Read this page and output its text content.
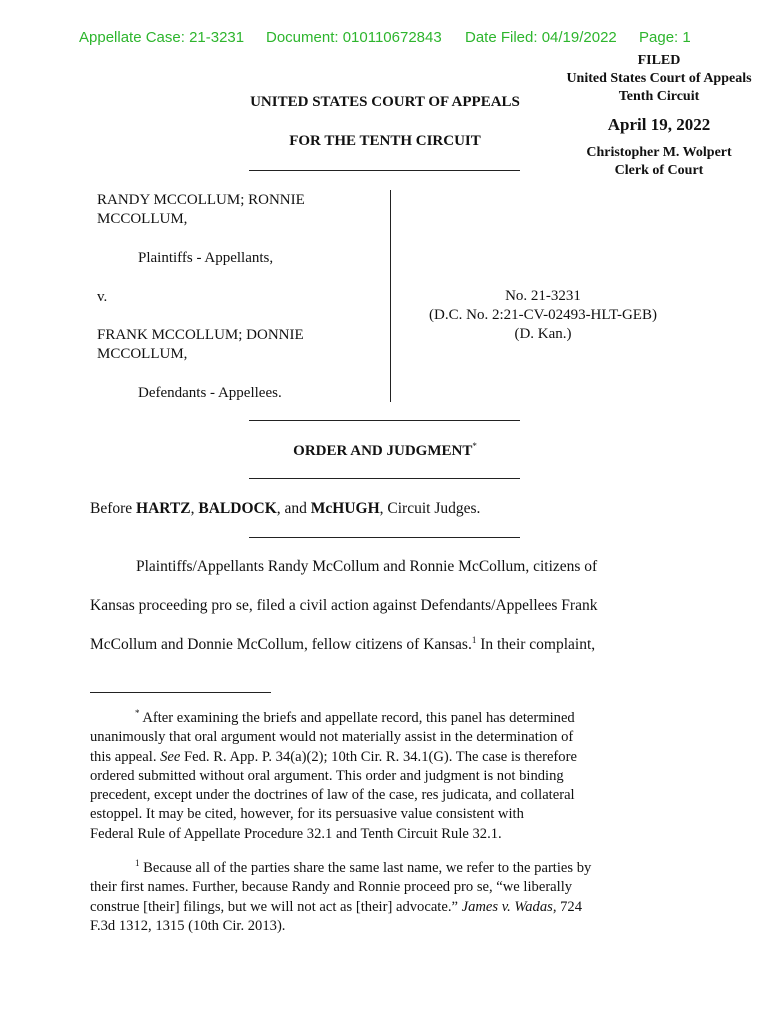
Appellate Case: 21-3231 Document: 010110672843 Date Filed: 04/19/2022 Page: 1
FILED
United States Court of Appeals
Tenth Circuit
April 19, 2022
Christopher M. Wolpert
Clerk of Court
UNITED STATES COURT OF APPEALS
FOR THE TENTH CIRCUIT
RANDY MCCOLLUM; RONNIE
MCCOLLUM,
Plaintiffs - Appellants,
v.
FRANK MCCOLLUM; DONNIE
MCCOLLUM,
Defendants - Appellees.
No. 21-3231
(D.C. No. 2:21-CV-02493-HLT-GEB)
(D. Kan.)
ORDER AND JUDGMENT*
Before HARTZ, BALDOCK, and McHUGH, Circuit Judges.
Plaintiffs/Appellants Randy McCollum and Ronnie McCollum, citizens of
Kansas proceeding pro se, filed a civil action against Defendants/Appellees Frank
McCollum and Donnie McCollum, fellow citizens of Kansas.$^1$ In their complaint,
* After examining the briefs and appellate record, this panel has determined
unanimously that oral argument would not materially assist in the determination of
this appeal. See Fed. R. App. P. 34(a)(2); 10th Cir. R. 34.1(G). The case is therefore
ordered submitted without oral argument. This order and judgment is not binding
precedent, except under the doctrines of law of the case, res judicata, and collateral
estoppel. It may be cited, however, for its persuasive value consistent with
Federal Rule of Appellate Procedure 32.1 and Tenth Circuit Rule 32.1.
$^1$ Because all of the parties share the same last name, we refer to the parties by
their first names. Further, because Randy and Ronnie proceed pro se, “we liberally
construe [their] filings, but we will not act as [their] advocate.” James v. Wadas, 724
F.3d 1312, 1315 (10th Cir. 2013).
